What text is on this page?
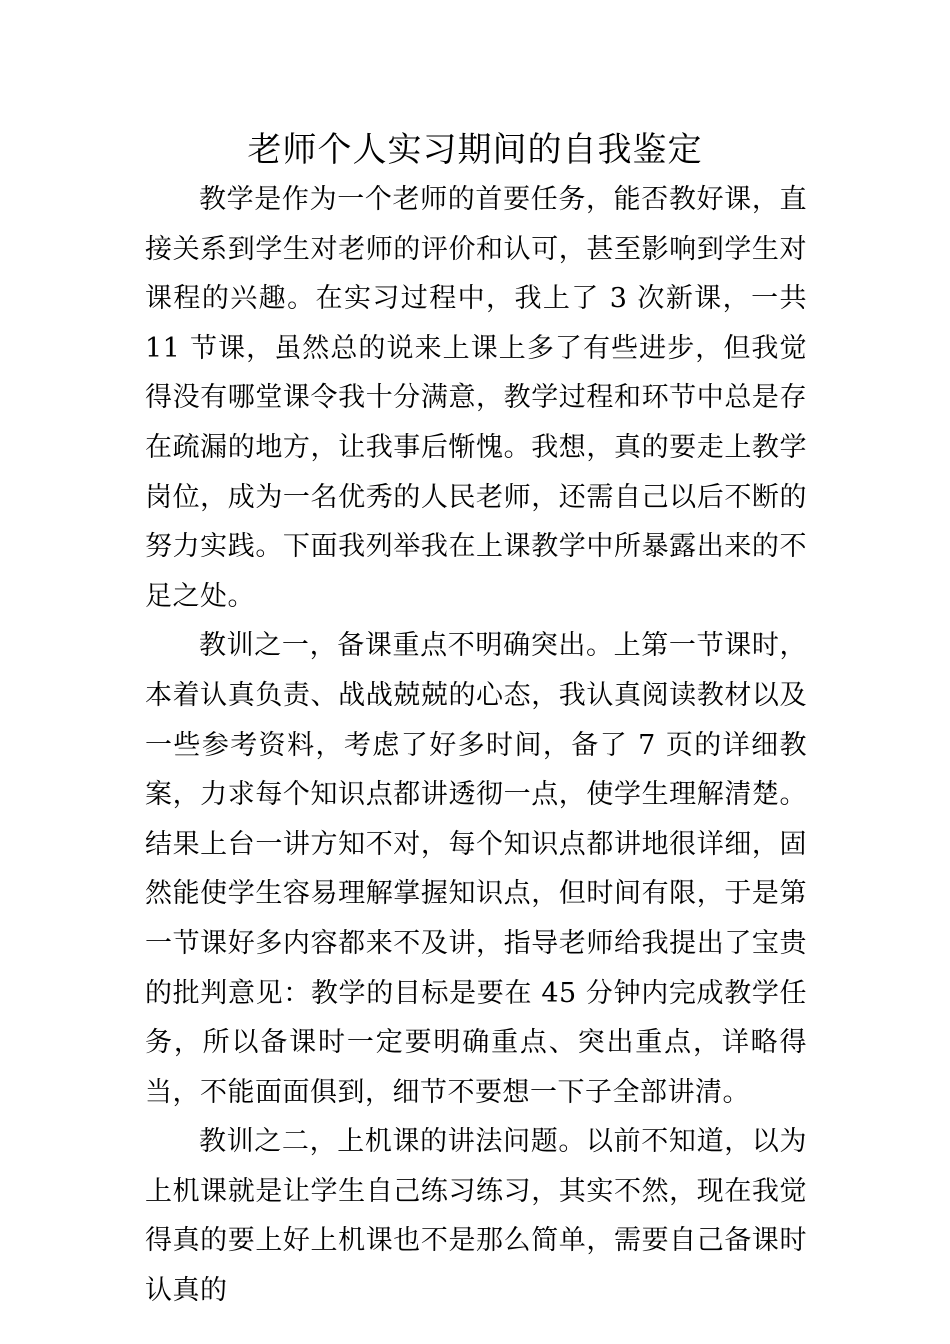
老师个人实习期间的自我鉴定

教学是作为一个老师的首要任务，能否教好课，直接关系到学生对老师的评价和认可，甚至影响到学生对课程的兴趣。在实习过程中，我上了 3 次新课，一共 11 节课，虽然总的说来上课上多了有些进步，但我觉得没有哪堂课令我十分满意，教学过程和环节中总是存在疏漏的地方，让我事后惭愧。我想，真的要走上教学岗位，成为一名优秀的人民老师，还需自己以后不断的努力实践。下面我列举我在上课教学中所暴露出来的不足之处。

教训之一，备课重点不明确突出。上第一节课时，本着认真负责、战战兢兢的心态，我认真阅读教材以及一些参考资料，考虑了好多时间，备了 7 页的详细教案，力求每个知识点都讲透彻一点，使学生理解清楚。结果上台一讲方知不对，每个知识点都讲地很详细，固然能使学生容易理解掌握知识点，但时间有限，于是第一节课好多内容都来不及讲，指导老师给我提出了宝贵的批判意见：教学的目标是要在 45 分钟内完成教学任务，所以备课时一定要明确重点、突出重点，详略得当，不能面面俱到，细节不要想一下子全部讲清。

教训之二，上机课的讲法问题。以前不知道，以为上机课就是让学生自己练习练习，其实不然，现在我觉得真的要上好上机课也不是那么简单，需要自己备课时认真的
